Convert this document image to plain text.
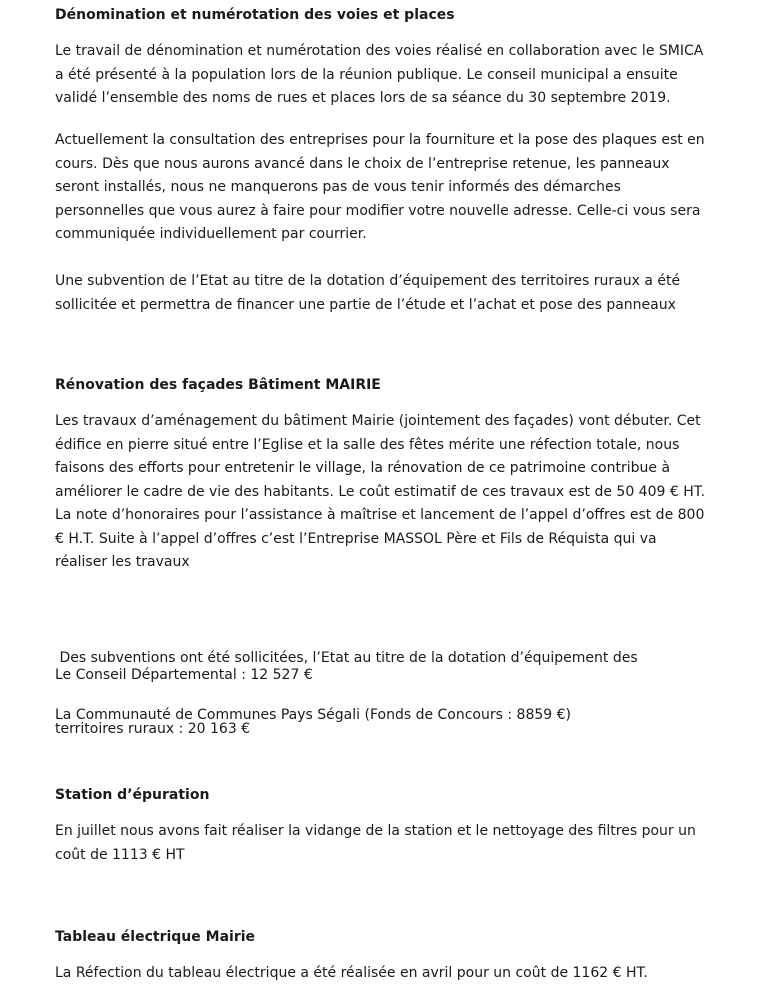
Dénomination et numérotation des voies et places

Le travail de dénomination et numérotation des voies réalisé en collaboration avec le SMICA
a été présenté à la population lors de la réunion publique. Le conseil municipal a ensuite
validé l’ensemble des noms de rues et places lors de sa séance du 30 septembre 2019.

Actuellement la consultation des entreprises pour la fourniture et la pose des plaques est en
cours. Dès que nous aurons avancé dans le choix de l’entreprise retenue, les panneaux
seront installés, nous ne manquerons pas de vous tenir informés des démarches
personnelles que vous aurez à faire pour modifier votre nouvelle adresse. Celle-ci vous sera
communiquée individuellement par courrier.

Une subvention de l’Etat au titre de la dotation d’équipement des territoires ruraux a été
sollicitée et permettra de financer une partie de l’étude et l’achat et pose des panneaux

Rénovation des façades Bâtiment MAIRIE

Les travaux d’aménagement du bâtiment Mairie (jointement des façades) vont débuter. Cet
édifice en pierre situé entre l’Eglise et la salle des fêtes mérite une réfection totale, nous
faisons des efforts pour entretenir le village, la rénovation de ce patrimoine contribue à
améliorer le cadre de vie des habitants. Le coût estimatif de ces travaux est de 50 409 € HT.
La note d’honoraires pour l’assistance à maîtrise et lancement de l’appel d’offres est de 800
€ H.T. Suite à l’appel d’offres c’est l’Entreprise MASSOL Père et Fils de Réquista qui va
réaliser les travaux

Des subventions ont été sollicitées, l’Etat au titre de la dotation d’équipement des

territoires ruraux : 20 163 €

Le Conseil Départemental : 12 527 €

La Communauté de Communes Pays Ségali (Fonds de Concours : 8859 €)

Station d’épuration

En juillet nous avons fait réaliser la vidange de la station et le nettoyage des filtres pour un
coût de 1113 € HT

Tableau électrique Mairie

La Réfection du tableau électrique a été réalisée en avril pour un coût de 1162 € HT.
